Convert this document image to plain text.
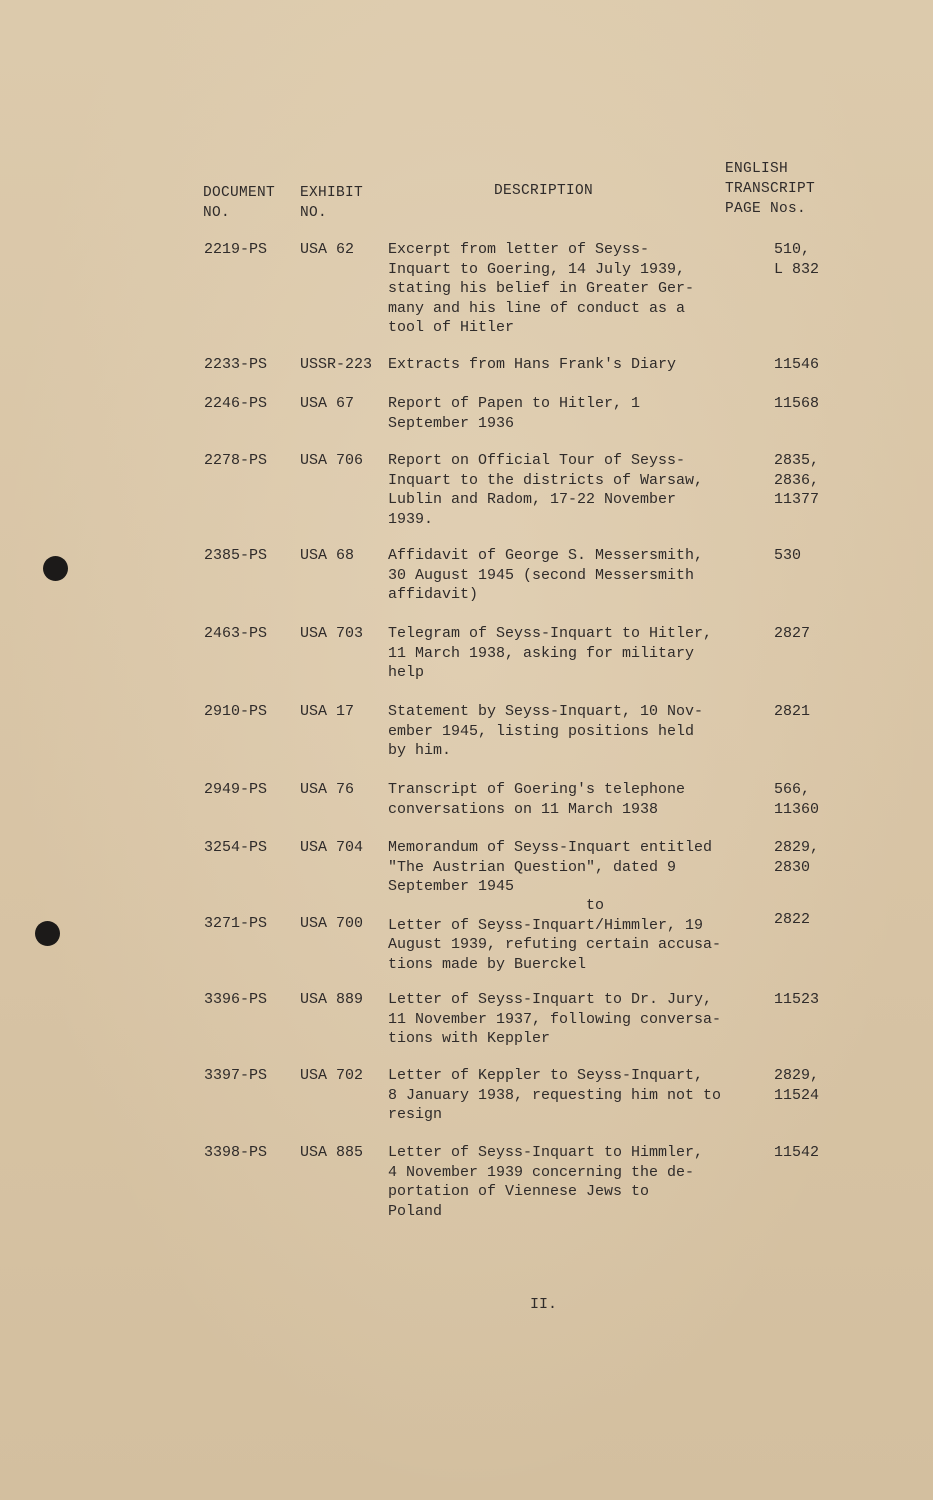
DOCUMENT
NO.
EXHIBIT
NO.
DESCRIPTION
ENGLISH
TRANSCRIPT
PAGE Nos.
2219-PS USA 62 Excerpt from letter of Seyss-
Inquart to Goering, 14 July 1939,
stating his belief in Greater Ger-
many and his line of conduct as a
tool of Hitler
510,
L 832
2233-PS USSR-223 Extracts from Hans Frank's Diary	11546
2246-PS USA 67 Report of Papen to Hitler, 1
September 1936
11568
2278-PS USA 706 Report on Official Tour of Seyss-
Inquart to the districts of Warsaw,
Lublin and Radom, 17-22 November
1939.
2835,
2836,
11377
2385-PS USA 68 Affidavit of George S. Messersmith,
30 August 1945 (second Messersmith
affidavit)
530
2463-PS USA 703 Telegram of Seyss-Inquart to Hitler,
11 March 1938, asking for military
help
2827
2910-PS USA 17 Statement by Seyss-Inquart, 10 Nov-
ember 1945, listing positions held
by him.
2821
2949-PS USA 76 Transcript of Goering's telephone
conversations on 11 March 1938
566,
11360
3254-PS USA 704 Memorandum of Seyss-Inquart entitled
"The Austrian Question", dated 9
September 1945
2829,
2830
3271-PS USA 700
to
Letter of Seyss-Inquart/Himmler, 19
August 1939, refuting certain accusa-
tions made by Buerckel
2822
3396-PS USA 889 Letter of Seyss-Inquart to Dr. Jury,
11 November 1937, following conversa-
tions with Keppler
11523
3397-PS USA 702 Letter of Keppler to Seyss-Inquart,
8 January 1938, requesting him not to
resign
2829,
11524
3398-PS USA 885 Letter of Seyss-Inquart to Himmler,
4 November 1939 concerning the de-
portation of Viennese Jews to
Poland
11542
II.
